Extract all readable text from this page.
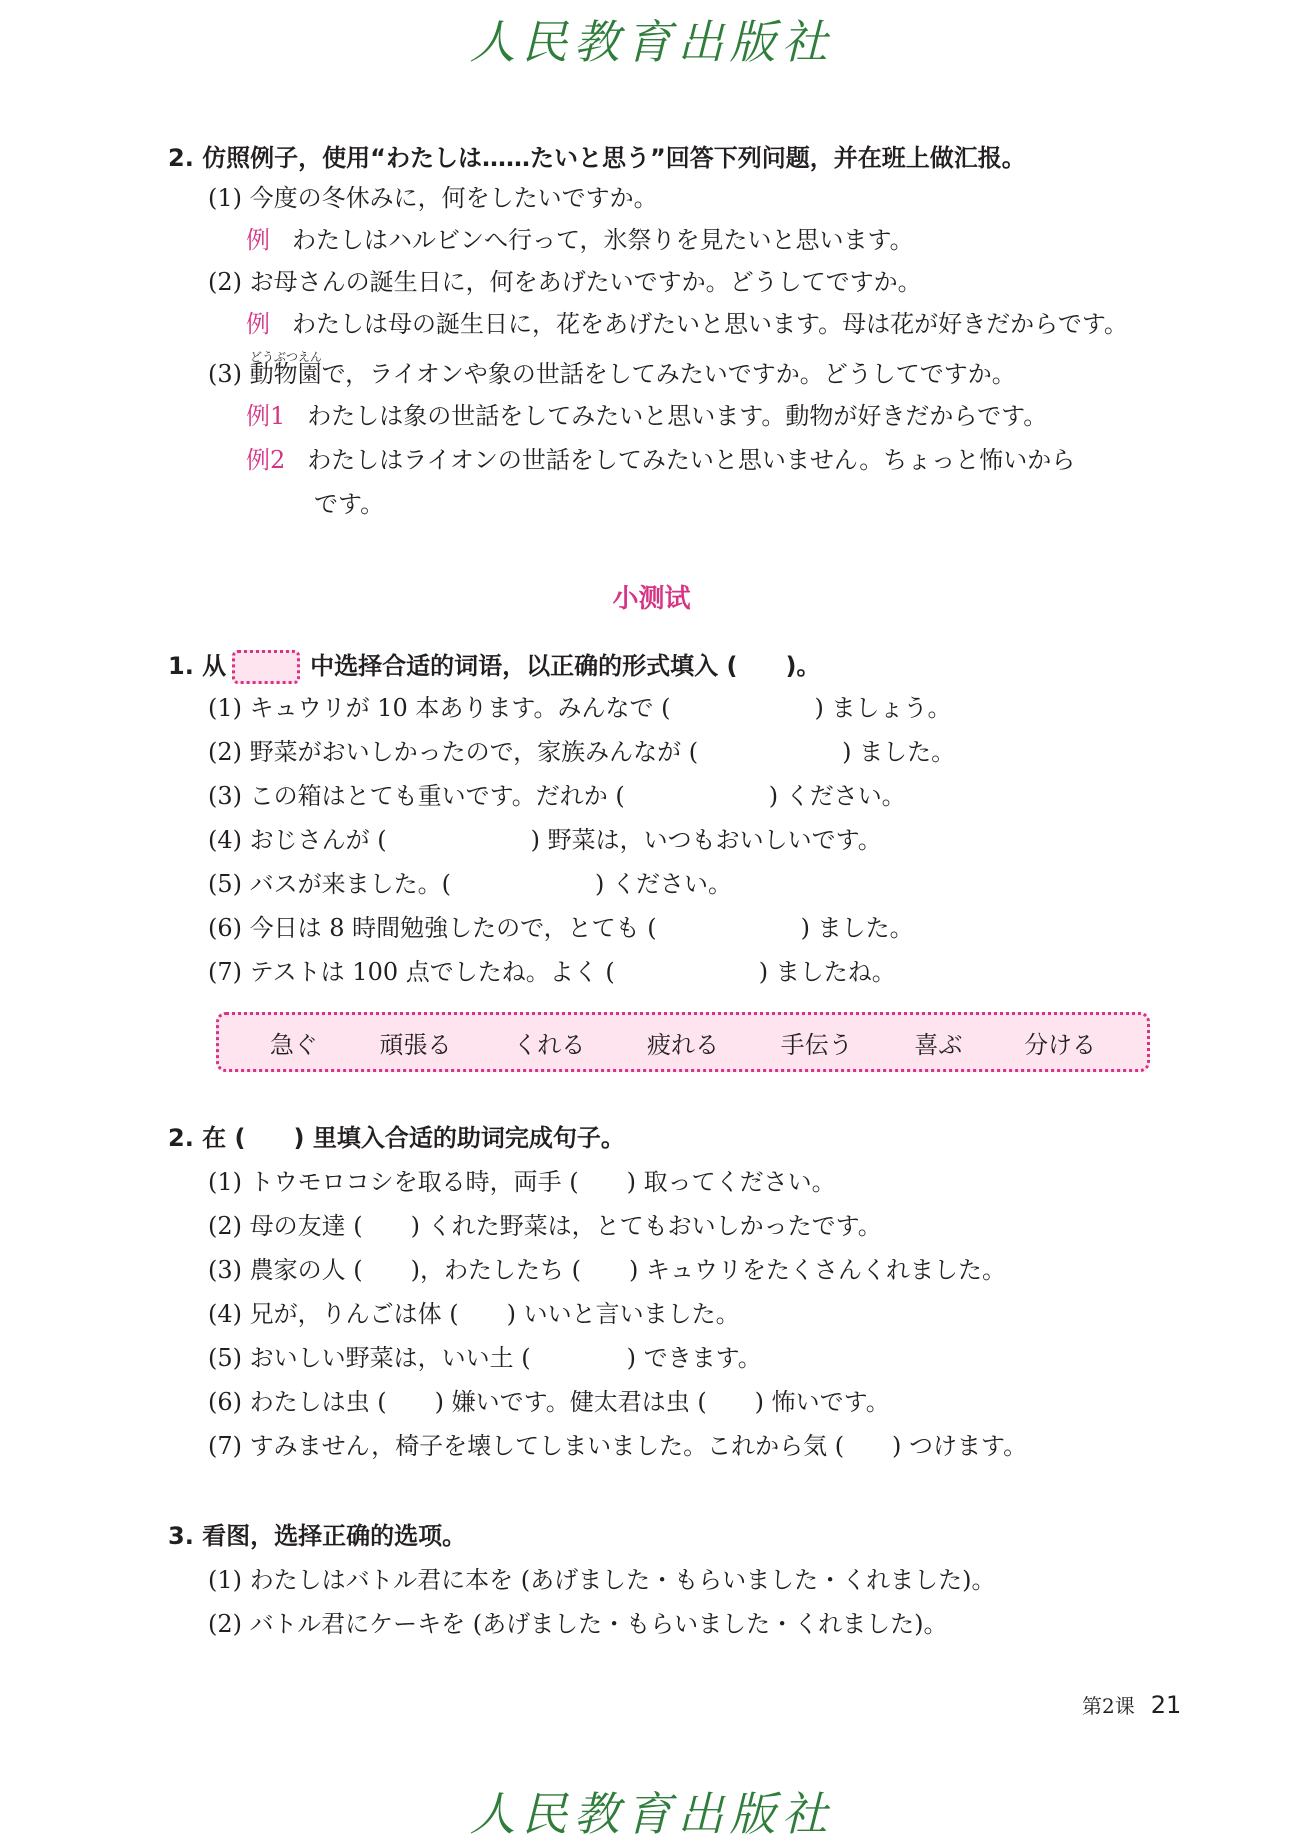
人民教育出版社
2. 仿照例子，使用“わたしは……たいと思う”回答下列问题，并在班上做汇报。
(1) 今度の冬休みに，何をしたいですか。
例 わたしはハルビンへ行って，氷祭りを見たいと思います。
(2) お母さんの誕生日に，何をあげたいですか。どうしてですか。
例 わたしは母の誕生日に，花をあげたいと思います。母は花が好きだからです。
どうぶつえん
(3) 動物園で，ライオンや象の世話をしてみたいですか。どうしてですか。
例1 わたしは象の世話をしてみたいと思います。動物が好きだからです。
例2 わたしはライオンの世話をしてみたいと思いません。ちょっと怖いから
です。
小测试
1. 从	中选择合适的词语，以正确的形式填入 (　　)。
(1) キュウリが 10 本あります。みんなで (　　　　　　) ましょう。
(2) 野菜がおいしかったので，家族みんなが (　　　　　　) ました。
(3) この箱はとても重いです。だれか (　　　　　　) ください。
(4) おじさんが (　　　　　　) 野菜は，いつもおいしいです。
(5) バスが来ました。(　　　　　　) ください。
(6) 今日は 8 時間勉強したので，とても (　　　　　　) ました。
(7) テストは 100 点でしたね。よく (　　　　　　) ましたね。
急ぐ	頑張る	くれる	疲れる	手伝う	喜ぶ	分ける
2. 在 (　　) 里填入合适的助词完成句子。
(1) トウモロコシを取る時，両手 (　　) 取ってください。
(2) 母の友達 (　　) くれた野菜は，とてもおいしかったです。
(3) 農家の人 (　　)，わたしたち (　　) キュウリをたくさんくれました。
(4) 兄が，りんごは体 (　　) いいと言いました。
(5) おいしい野菜は，いい土 (　　　　) できます。
(6) わたしは虫 (　　) 嫌いです。健太君は虫 (　　) 怖いです。
(7) すみません，椅子を壊してしまいました。これから気 (　　) つけます。
3. 看图，选择正确的选项。
(1) わたしはバトル君に本を (あげました・もらいました・くれました)。
(2) バトル君にケーキを (あげました・もらいました・くれました)。
第2课 21
人民教育出版社
